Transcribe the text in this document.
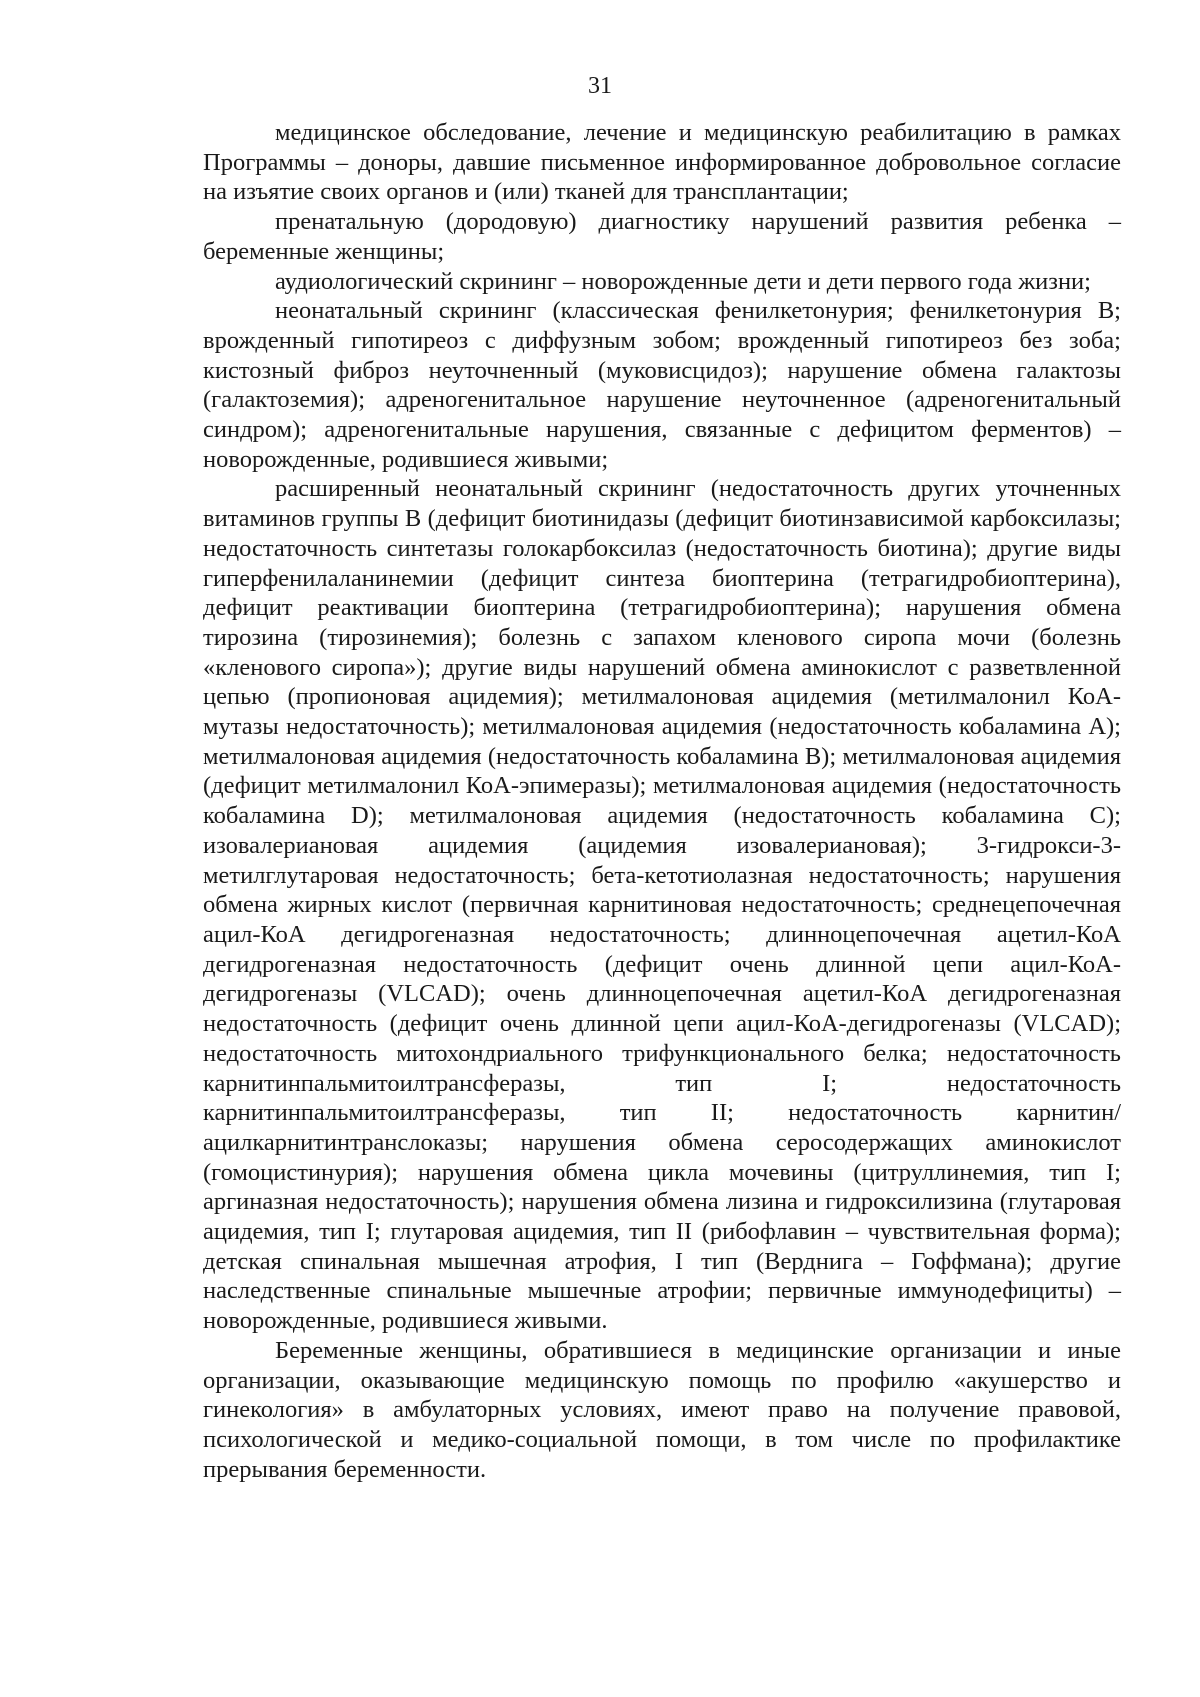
31

медицинское обследование, лечение и медицинскую реабилитацию в рамках Программы – доноры, давшие письменное информированное добровольное согласие на изъятие своих органов и (или) тканей для трансплантации;

пренатальную (дородовую) диагностику нарушений развития ребенка – беременные женщины;

аудиологический скрининг – новорожденные дети и дети первого года жизни;

неонатальный скрининг (классическая фенилкетонурия; фенилкетонурия В; врожденный гипотиреоз с диффузным зобом; врожденный гипотиреоз без зоба; кистозный фиброз неуточненный (муковисцидоз); нарушение обмена галактозы (галактоземия); адреногенитальное нарушение неуточненное (адреногенитальный синдром); адреногенитальные нарушения, связанные с дефицитом ферментов) – новорожденные, родившиеся живыми;

расширенный неонатальный скрининг (недостаточность других уточненных витаминов группы В (дефицит биотинидазы (дефицит биотинзависимой карбоксилазы; недостаточность синтетазы голокарбоксилаз (недостаточность биотина); другие виды гиперфенилаланинемии (дефицит синтеза биоптерина (тетрагидробиоптерина), дефицит реактивации биоптерина (тетрагидробиоптерина); нарушения обмена тирозина (тирозинемия); болезнь с запахом кленового сиропа мочи (болезнь «кленового сиропа»); другие виды нарушений обмена аминокислот с разветвленной цепью (пропионовая ацидемия); метилмалоновая ацидемия (метилмалонил КоА-мутазы недостаточность); метилмалоновая ацидемия (недостаточность кобаламина А); метилмалоновая ацидемия (недостаточность кобаламина В); метилмалоновая ацидемия (дефицит метилмалонил КоА-эпимеразы); метилмалоновая ацидемия (недостаточность кобаламина D); метилмалоновая ацидемия (недостаточность кобаламина С); изовалериановая ацидемия (ацидемия изовалериановая); 3-гидрокси-3-метилглутаровая недостаточность; бета-кетотиолазная недостаточность; нарушения обмена жирных кислот (первичная карнитиновая недостаточность; среднецепочечная ацил-КоА дегидрогеназная недостаточность; длинноцепочечная ацетил-КоА дегидрогеназная недостаточность (дефицит очень длинной цепи ацил-КоА-дегидрогеназы (VLCAD); очень длинноцепочечная ацетил-КоА дегидрогеназная недостаточность (дефицит очень длинной цепи ацил-КоА-дегидрогеназы (VLCAD); недостаточность митохондриального трифункционального белка; недостаточность карнитинпальмитоилтрансферазы, тип I; недостаточность карнитинпальмитоилтрансферазы, тип II; недостаточность карнитин/ацилкарнитинтранслоказы; нарушения обмена серосодержащих аминокислот (гомоцистинурия); нарушения обмена цикла мочевины (цитруллинемия, тип I; аргиназная недостаточность); нарушения обмена лизина и гидроксилизина (глутаровая ацидемия, тип I; глутаровая ацидемия, тип II (рибофлавин – чувствительная форма); детская спинальная мышечная атрофия, I тип (Верднига – Гоффмана); другие наследственные спинальные мышечные атрофии; первичные иммунодефициты) – новорожденные, родившиеся живыми.

Беременные женщины, обратившиеся в медицинские организации и иные организации, оказывающие медицинскую помощь по профилю «акушерство и гинекология» в амбулаторных условиях, имеют право на получение правовой, психологической и медико-социальной помощи, в том числе по профилактике прерывания беременности.
